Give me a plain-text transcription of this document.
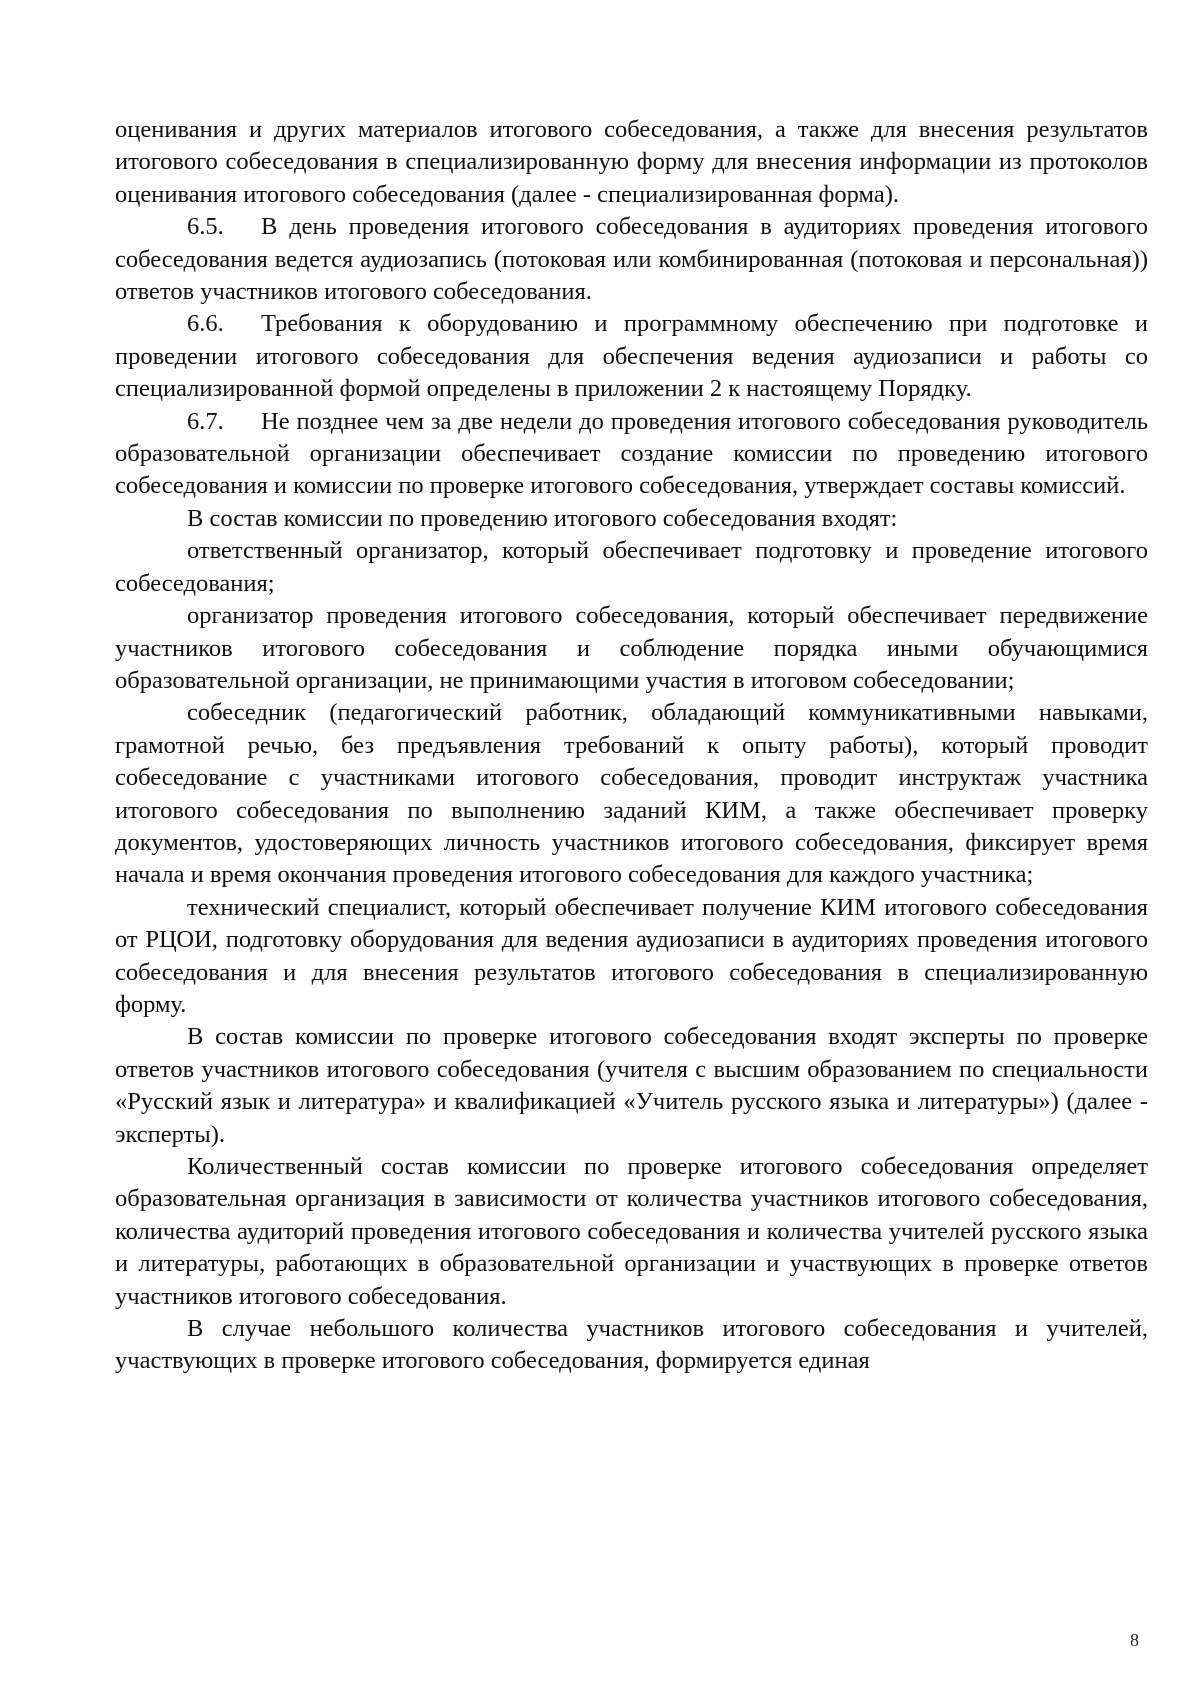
оценивания и других материалов итогового собеседования, а также для внесения результатов итогового собеседования в специализированную форму для внесения информации из протоколов оценивания итогового собеседования (далее - специализированная форма).

6.5. В день проведения итогового собеседования в аудиториях проведения итогового собеседования ведется аудиозапись (потоковая или комбинированная (потоковая и персональная)) ответов участников итогового собеседования.

6.6. Требования к оборудованию и программному обеспечению при подготовке и проведении итогового собеседования для обеспечения ведения аудиозаписи и работы со специализированной формой определены в приложении 2 к настоящему Порядку.

6.7. Не позднее чем за две недели до проведения итогового собеседования руководитель образовательной организации обеспечивает создание комиссии по проведению итогового собеседования и комиссии по проверке итогового собеседования, утверждает составы комиссий.

В состав комиссии по проведению итогового собеседования входят:

ответственный организатор, который обеспечивает подготовку и проведение итогового собеседования;

организатор проведения итогового собеседования, который обеспечивает передвижение участников итогового собеседования и соблюдение порядка иными обучающимися образовательной организации, не принимающими участия в итоговом собеседовании;

собеседник (педагогический работник, обладающий коммуникативными навыками, грамотной речью, без предъявления требований к опыту работы), который проводит собеседование с участниками итогового собеседования, проводит инструктаж участника итогового собеседования по выполнению заданий КИМ, а также обеспечивает проверку документов, удостоверяющих личность участников итогового собеседования, фиксирует время начала и время окончания проведения итогового собеседования для каждого участника;

технический специалист, который обеспечивает получение КИМ итогового собеседования от РЦОИ, подготовку оборудования для ведения аудиозаписи в аудиториях проведения итогового собеседования и для внесения результатов итогового собеседования в специализированную форму.

В состав комиссии по проверке итогового собеседования входят эксперты по проверке ответов участников итогового собеседования (учителя с высшим образованием по специальности «Русский язык и литература» и квалификацией «Учитель русского языка и литературы») (далее - эксперты).

Количественный состав комиссии по проверке итогового собеседования определяет образовательная организация в зависимости от количества участников итогового собеседования, количества аудиторий проведения итогового собеседования и количества учителей русского языка и литературы, работающих в образовательной организации и участвующих в проверке ответов участников итогового собеседования.

В случае небольшого количества участников итогового собеседования и учителей, участвующих в проверке итогового собеседования, формируется единая

8
